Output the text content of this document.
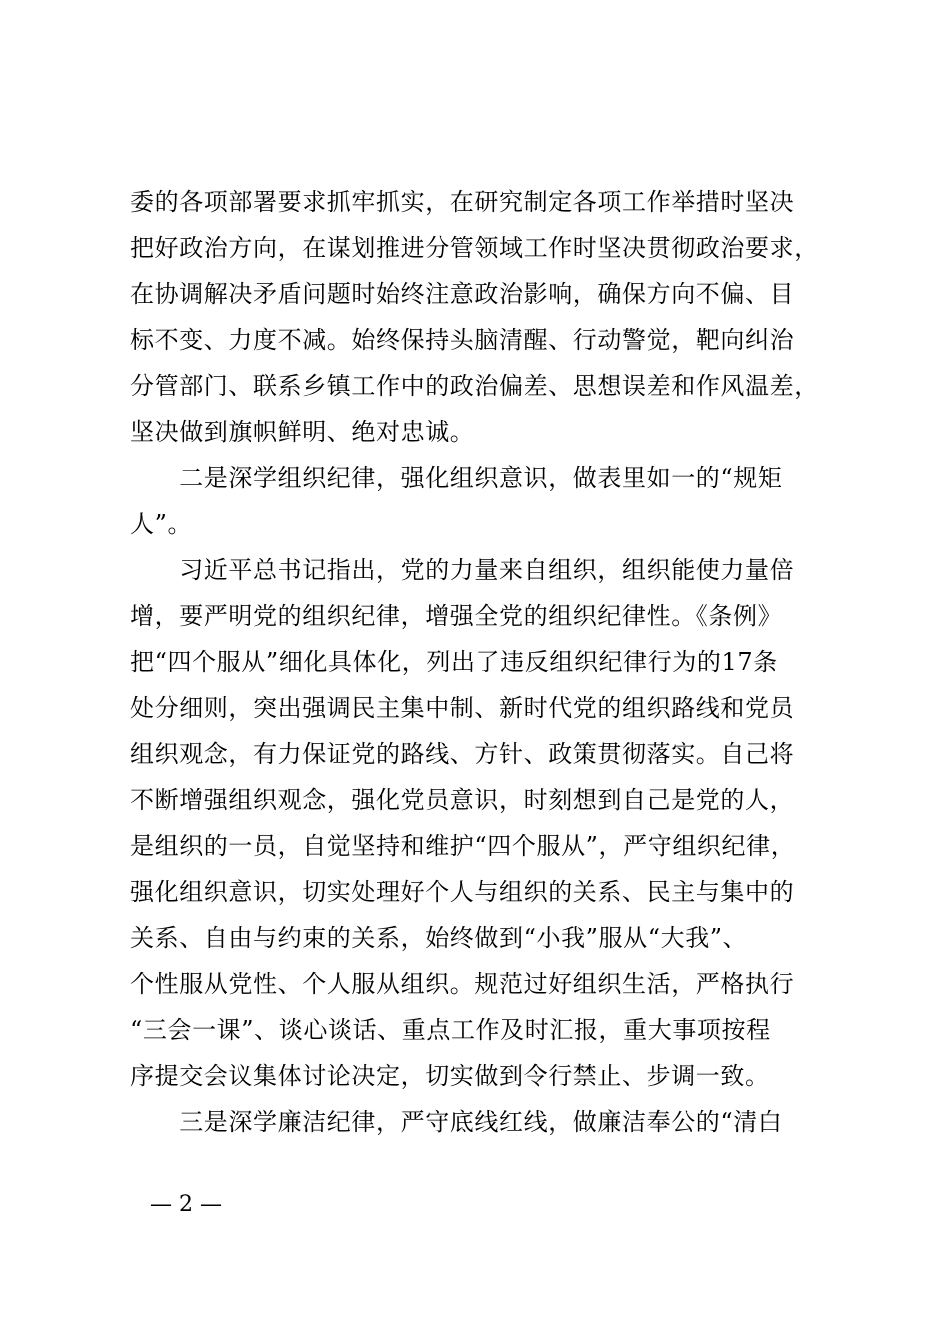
委的各项部署要求抓牢抓实，在研究制定各项工作举措时坚决
把好政治方向，在谋划推进分管领域工作时坚决贯彻政治要求，
在协调解决矛盾问题时始终注意政治影响，确保方向不偏、目
标不变、力度不减。始终保持头脑清醒、行动警觉，靶向纠治
分管部门、联系乡镇工作中的政治偏差、思想误差和作风温差，
坚决做到旗帜鲜明、绝对忠诚。
　　二是深学组织纪律，强化组织意识，做表里如一的“规矩
人”。
　　习近平总书记指出，党的力量来自组织，组织能使力量倍
增，要严明党的组织纪律，增强全党的组织纪律性。《条例》
把“四个服从”细化具体化，列出了违反组织纪律行为的17条
处分细则，突出强调民主集中制、新时代党的组织路线和党员
组织观念，有力保证党的路线、方针、政策贯彻落实。自己将
不断增强组织观念，强化党员意识，时刻想到自己是党的人，
是组织的一员，自觉坚持和维护“四个服从”，严守组织纪律，
强化组织意识，切实处理好个人与组织的关系、民主与集中的
关系、自由与约束的关系，始终做到“小我”服从“大我”、
个性服从党性、个人服从组织。规范过好组织生活，严格执行
“三会一课”、谈心谈话、重点工作及时汇报，重大事项按程
序提交会议集体讨论决定，切实做到令行禁止、步调一致。
　　三是深学廉洁纪律，严守底线红线，做廉洁奉公的“清白
— 2 —
